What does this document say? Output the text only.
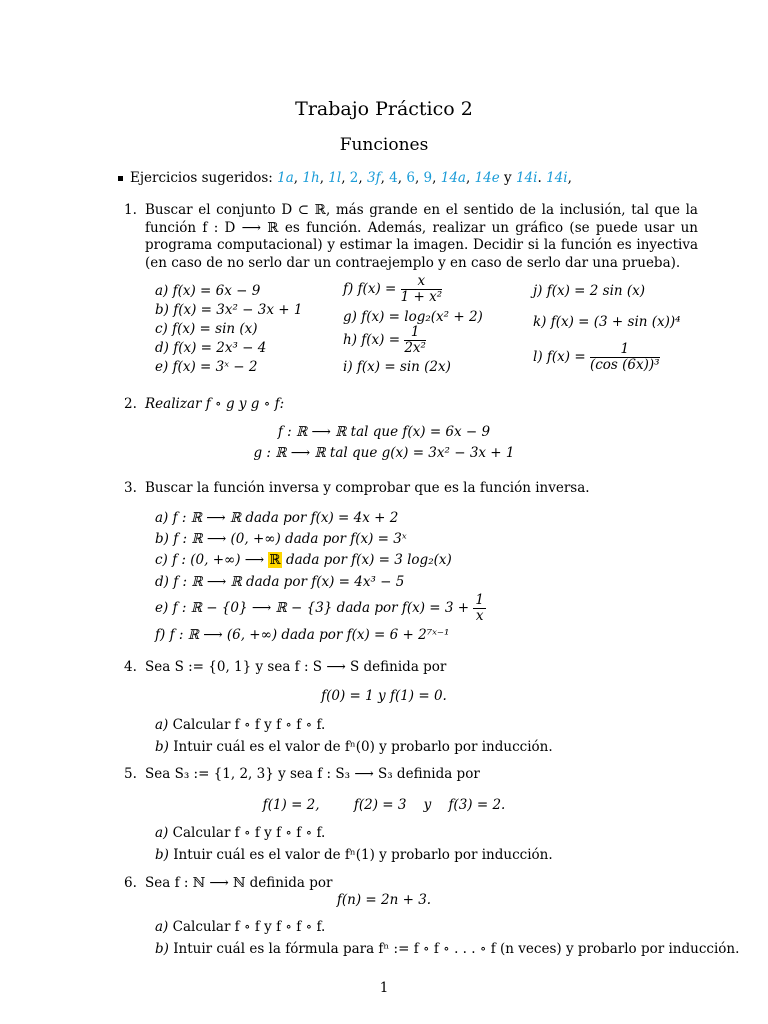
Trabajo Práctico 2
Funciones
Ejercicios sugeridos: 1a, 1h, 1l, 2, 3f, 4, 6, 9, 14a, 14e y 14i. 14i,
1. Buscar el conjunto D ⊂ ℝ, más grande en el sentido de la inclusión, tal que la función f : D ⟶ ℝ es función. Además, realizar un gráfico (se puede usar un programa computacional) y estimar la imagen. Decidir si la función es inyectiva (en caso de no serlo dar un contraejemplo y en caso de serlo dar una prueba).
a) f(x) = 6x − 9
b) f(x) = 3x² − 3x + 1
c) f(x) = sin (x)
d) f(x) = 2x³ − 4
e) f(x) = 3ˣ − 2
f) $f(x) = \frac{x}{\text{1 + x²}}$
g) f(x) = log₂(x² + 2)
h) $f(x) = \frac{1}{\text{2x²}}$
i) f(x) = sin (2x)
j) f(x) = 2 sin (x)
k) f(x) = (3 + sin (x))⁴
l) $f(x) = \frac{1}{\text{(cos (6x))³}}$
2. Realizar f ∘ g y g ∘ f:
f : ℝ ⟶ ℝ tal que f(x) = 6x − 9
g : ℝ ⟶ ℝ tal que g(x) = 3x² − 3x + 1
3. Buscar la función inversa y comprobar que es la función inversa.
a) f : ℝ ⟶ ℝ dada por f(x) = 4x + 2
b) f : ℝ ⟶ (0, +∞) dada por f(x) = 3ˣ
c) f : (0, +∞) ⟶ ℝ dada por f(x) = 3 log₂(x)
d) f : ℝ ⟶ ℝ dada por f(x) = 4x³ − 5
e) f : ℝ − {0} ⟶ ℝ − {3} dada por $f(x) = 3 + \frac{1}{x}$
f) f : ℝ ⟶ (6, +∞) dada por f(x) = 6 + 2⁷ˣ⁻¹
4. Sea S := {0, 1} y sea f : S ⟶ S definida por
f(0) = 1 y f(1) = 0.
a) Calcular f ∘ f y f ∘ f ∘ f.
b) Intuir cuál es el valor de fⁿ(0) y probarlo por inducción.
5. Sea S₃ := {1, 2, 3} y sea f : S₃ ⟶ S₃ definida por
f(1) = 2,        f(2) = 3    y    f(3) = 2.
a) Calcular f ∘ f y f ∘ f ∘ f.
b) Intuir cuál es el valor de fⁿ(1) y probarlo por inducción.
6. Sea f : ℕ ⟶ ℕ definida por
f(n) = 2n + 3.
a) Calcular f ∘ f y f ∘ f ∘ f.
b) Intuir cuál es la fórmula para fⁿ := f ∘ f ∘ . . . ∘ f (n veces) y probarlo por inducción.
1
